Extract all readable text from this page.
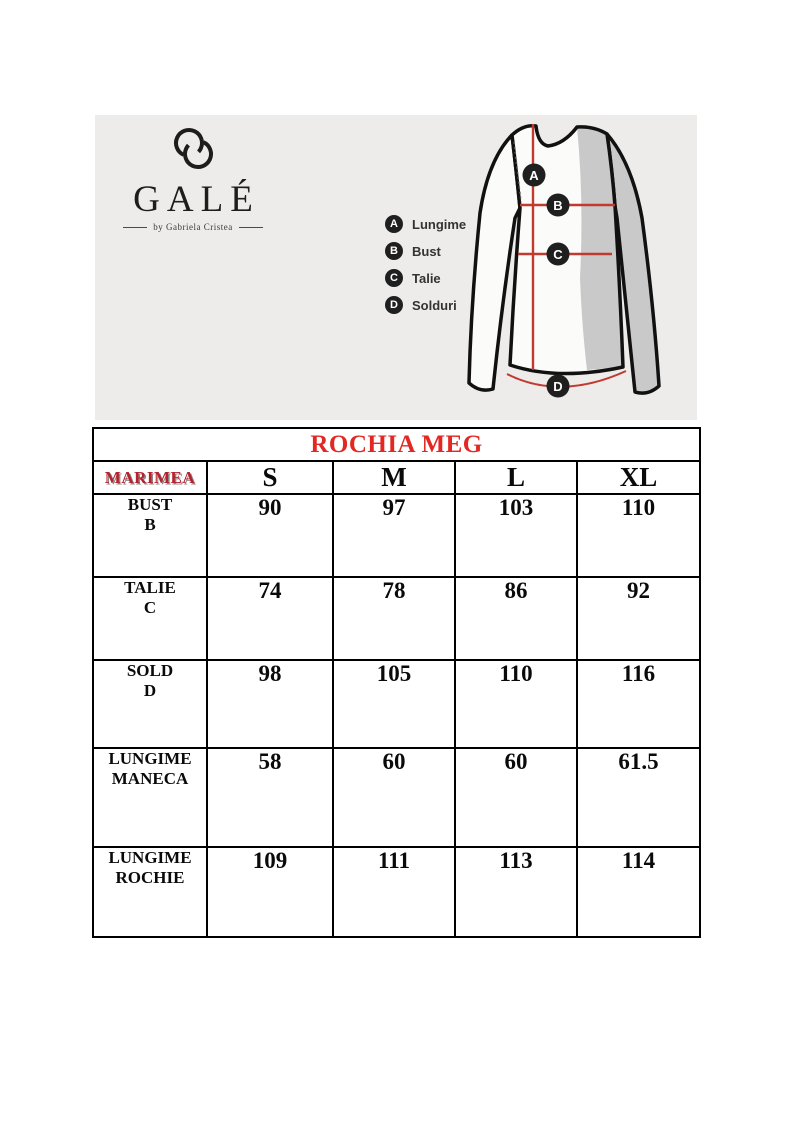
GALÉ
by Gabriela Cristea	A	Lungime
B	Bust
C	Talie
D	Solduri
A
B
C
D
ROCHIA MEG				
MARIMEA	S	M	L	XL

BUST
B	90	97	103	110

TALIE
C	74	78	86	92

SOLD
D	98	105	110	116

LUNGIME
MANECA	58	60	60	61.5

LUNGIME
ROCHIE	109	111	113	114
